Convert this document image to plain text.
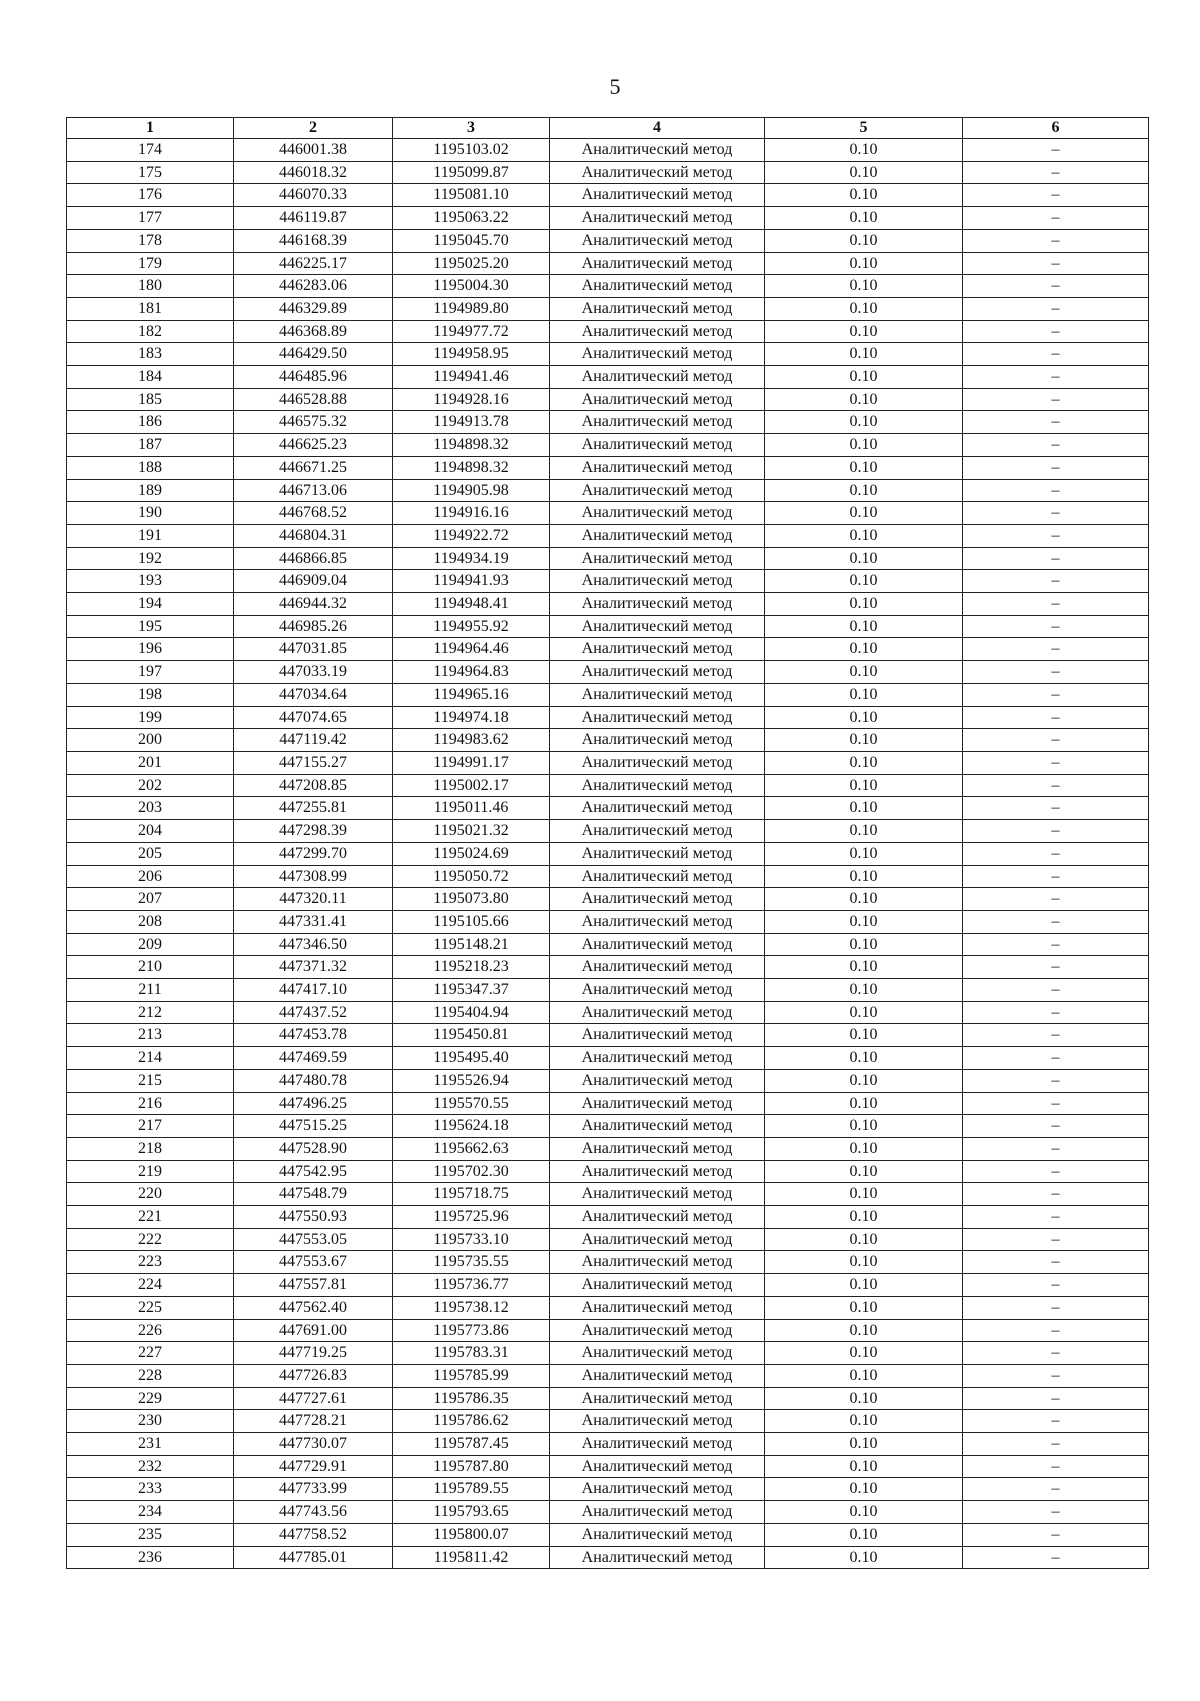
5
1	2	3	4	5	6
174	446001.38	1195103.02	Аналитический метод	0.10	–
175	446018.32	1195099.87	Аналитический метод	0.10	–
176	446070.33	1195081.10	Аналитический метод	0.10	–
177	446119.87	1195063.22	Аналитический метод	0.10	–
178	446168.39	1195045.70	Аналитический метод	0.10	–
179	446225.17	1195025.20	Аналитический метод	0.10	–
180	446283.06	1195004.30	Аналитический метод	0.10	–
181	446329.89	1194989.80	Аналитический метод	0.10	–
182	446368.89	1194977.72	Аналитический метод	0.10	–
183	446429.50	1194958.95	Аналитический метод	0.10	–
184	446485.96	1194941.46	Аналитический метод	0.10	–
185	446528.88	1194928.16	Аналитический метод	0.10	–
186	446575.32	1194913.78	Аналитический метод	0.10	–
187	446625.23	1194898.32	Аналитический метод	0.10	–
188	446671.25	1194898.32	Аналитический метод	0.10	–
189	446713.06	1194905.98	Аналитический метод	0.10	–
190	446768.52	1194916.16	Аналитический метод	0.10	–
191	446804.31	1194922.72	Аналитический метод	0.10	–
192	446866.85	1194934.19	Аналитический метод	0.10	–
193	446909.04	1194941.93	Аналитический метод	0.10	–
194	446944.32	1194948.41	Аналитический метод	0.10	–
195	446985.26	1194955.92	Аналитический метод	0.10	–
196	447031.85	1194964.46	Аналитический метод	0.10	–
197	447033.19	1194964.83	Аналитический метод	0.10	–
198	447034.64	1194965.16	Аналитический метод	0.10	–
199	447074.65	1194974.18	Аналитический метод	0.10	–
200	447119.42	1194983.62	Аналитический метод	0.10	–
201	447155.27	1194991.17	Аналитический метод	0.10	–
202	447208.85	1195002.17	Аналитический метод	0.10	–
203	447255.81	1195011.46	Аналитический метод	0.10	–
204	447298.39	1195021.32	Аналитический метод	0.10	–
205	447299.70	1195024.69	Аналитический метод	0.10	–
206	447308.99	1195050.72	Аналитический метод	0.10	–
207	447320.11	1195073.80	Аналитический метод	0.10	–
208	447331.41	1195105.66	Аналитический метод	0.10	–
209	447346.50	1195148.21	Аналитический метод	0.10	–
210	447371.32	1195218.23	Аналитический метод	0.10	–
211	447417.10	1195347.37	Аналитический метод	0.10	–
212	447437.52	1195404.94	Аналитический метод	0.10	–
213	447453.78	1195450.81	Аналитический метод	0.10	–
214	447469.59	1195495.40	Аналитический метод	0.10	–
215	447480.78	1195526.94	Аналитический метод	0.10	–
216	447496.25	1195570.55	Аналитический метод	0.10	–
217	447515.25	1195624.18	Аналитический метод	0.10	–
218	447528.90	1195662.63	Аналитический метод	0.10	–
219	447542.95	1195702.30	Аналитический метод	0.10	–
220	447548.79	1195718.75	Аналитический метод	0.10	–
221	447550.93	1195725.96	Аналитический метод	0.10	–
222	447553.05	1195733.10	Аналитический метод	0.10	–
223	447553.67	1195735.55	Аналитический метод	0.10	–
224	447557.81	1195736.77	Аналитический метод	0.10	–
225	447562.40	1195738.12	Аналитический метод	0.10	–
226	447691.00	1195773.86	Аналитический метод	0.10	–
227	447719.25	1195783.31	Аналитический метод	0.10	–
228	447726.83	1195785.99	Аналитический метод	0.10	–
229	447727.61	1195786.35	Аналитический метод	0.10	–
230	447728.21	1195786.62	Аналитический метод	0.10	–
231	447730.07	1195787.45	Аналитический метод	0.10	–
232	447729.91	1195787.80	Аналитический метод	0.10	–
233	447733.99	1195789.55	Аналитический метод	0.10	–
234	447743.56	1195793.65	Аналитический метод	0.10	–
235	447758.52	1195800.07	Аналитический метод	0.10	–
236	447785.01	1195811.42	Аналитический метод	0.10	–
